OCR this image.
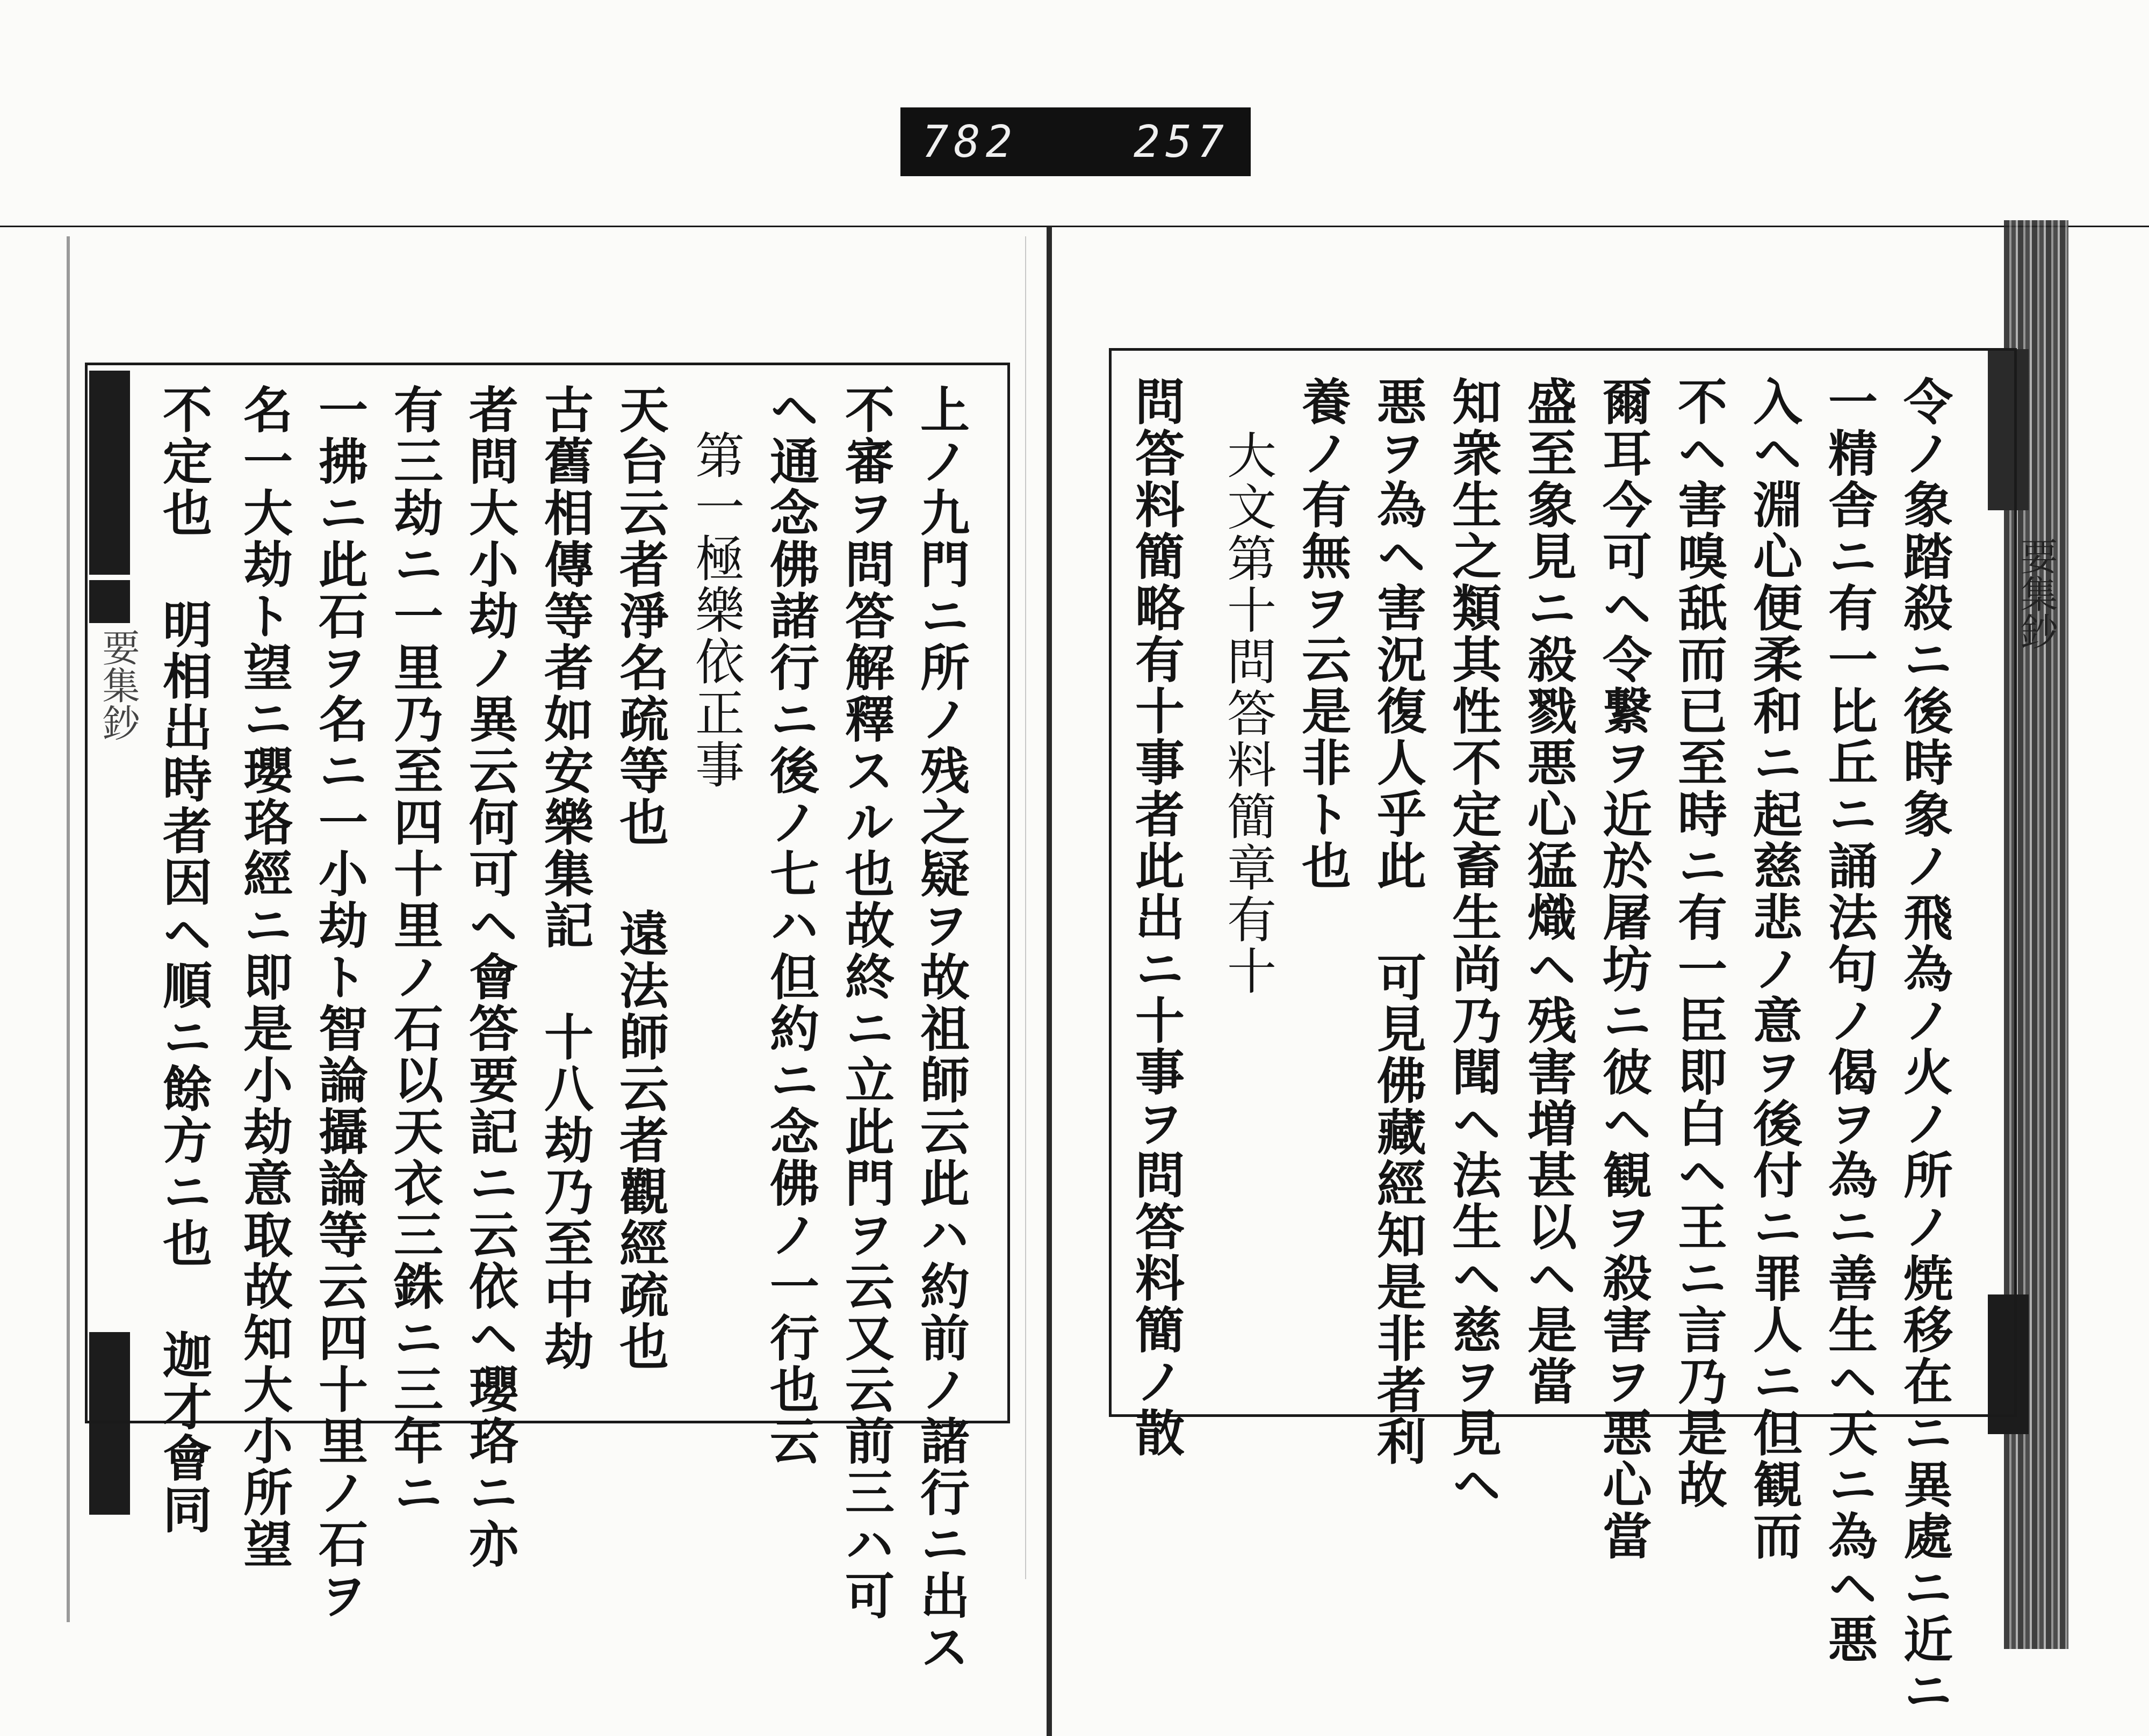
782	257
要集鈔
要集鈔
令ノ象踏殺ニ後時象ノ飛為ノ火ノ所ノ焼移在ニ異處ニ近ニ
一精舎ニ有一比丘ニ誦法句ノ偈ヲ為ニ善生ヘ天ニ為ヘ悪
入ヘ淵心便柔和ニ起慈悲ノ意ヲ後付ニ罪人ニ但観而
不ヘ害嗅舐而已至時ニ有一臣即白ヘ王ニ言乃是故
爾耳今可ヘ令繋ヲ近於屠坊ニ彼ヘ観ヲ殺害ヲ悪心當
盛至象見ニ殺戮悪心猛熾ヘ残害増甚以ヘ是當
知衆生之類其性不定畜生尚乃聞ヘ法生ヘ慈ヲ見ヘ
悪ヲ為ヘ害況復人乎此 可見佛藏經知是非者利
養ノ有無ヲ云是非ト也
大文第十問答料簡章有十
問答料簡略有十事者此出ニ十事ヲ問答料簡ノ散
上ノ九門ニ所ノ残之疑ヲ故祖師云此ハ約前ノ諸行ニ出ス
不審ヲ問答解釋スル也故終ニ立此門ヲ云又云前三ハ可
ヘ通念佛諸行ニ後ノ七ハ但約ニ念佛ノ一行也云
第一極樂依正事
天台云者淨名疏等也 遠法師云者觀經疏也
古舊相傳等者如安樂集記 十八劫乃至中劫
者問大小劫ノ異云何可ヘ會答要記ニ云依ヘ瓔珞ニ亦
有三劫ニ一里乃至四十里ノ石以天衣三銖ニ三年ニ
一拂ニ此石ヲ名ニ一小劫ト智論攝論等云四十里ノ石ヲ
名一大劫ト望ニ瓔珞經ニ即是小劫意取故知大小所望
不定也 明相出時者因ヘ順ニ餘方ニ也 迦才會同
